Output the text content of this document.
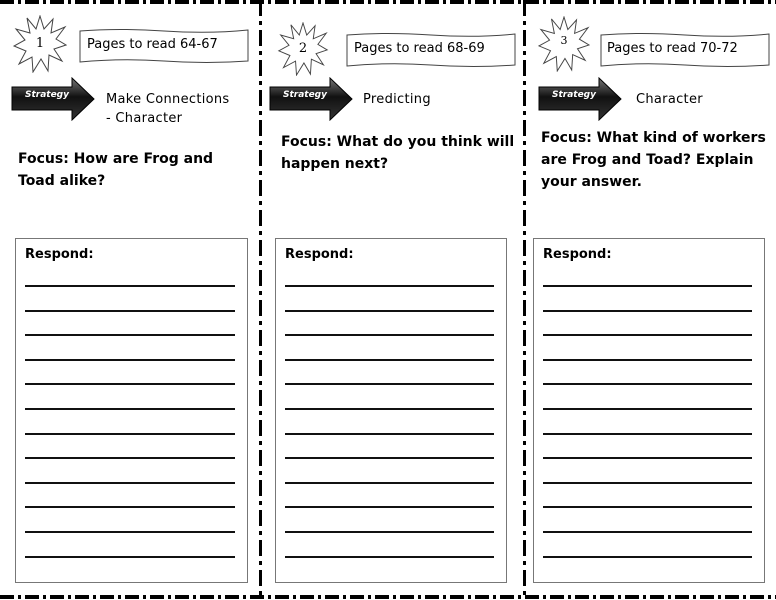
1	Pages to read 64-67
Strategy	Make Connections
- Character
Focus: How are Frog and
Toad alike?
Respond:
2	Pages to read 68-69
Strategy	Predicting
Focus: What do you think will
happen next?
Respond:
3
Pages to read 70-72
Strategy	Character
Focus: What kind of workers
are Frog and Toad? Explain
your answer.
Respond:
